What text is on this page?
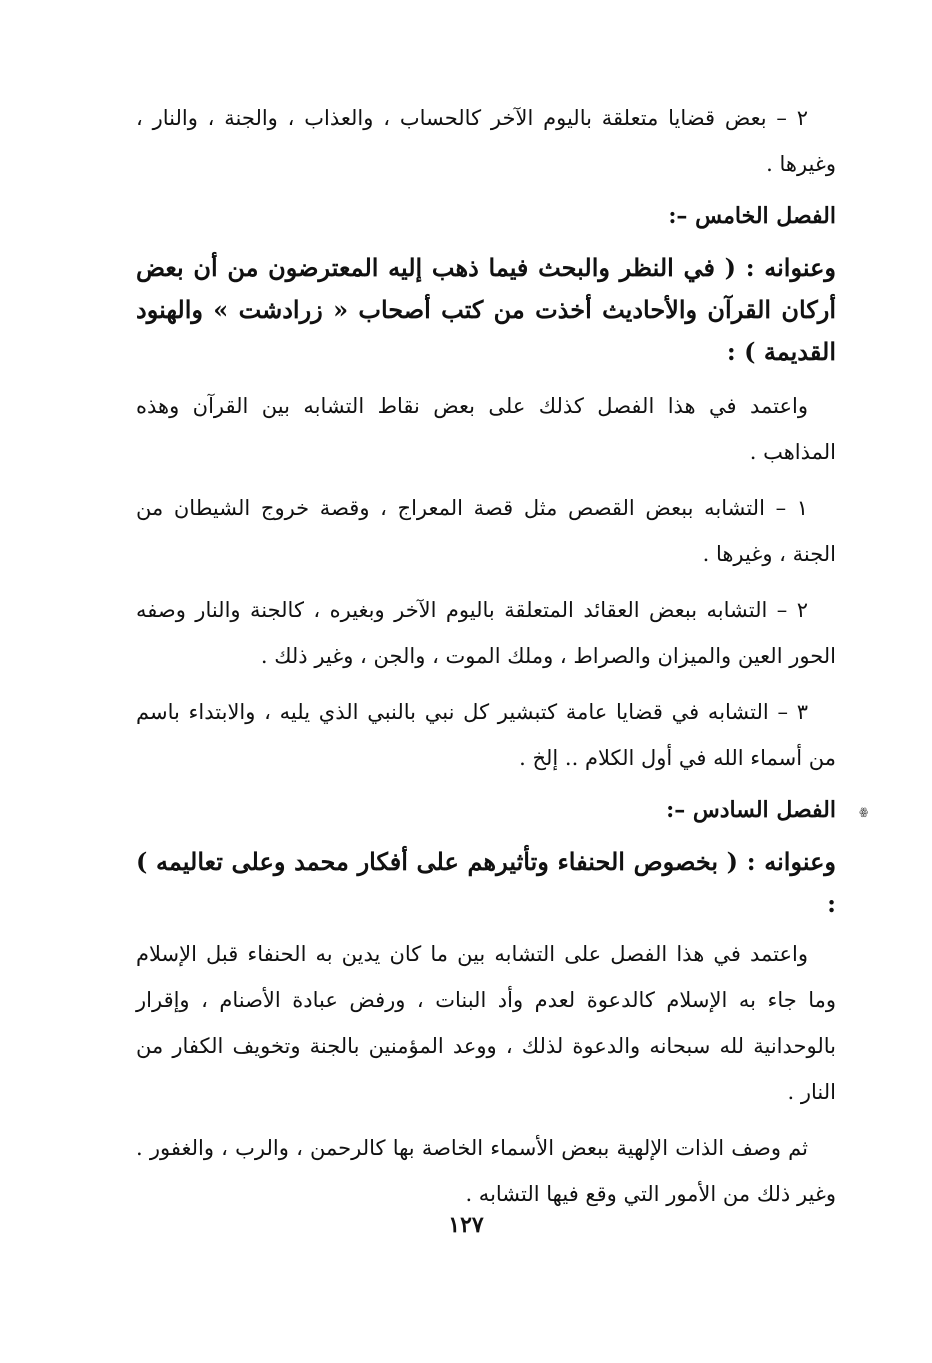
٢ – بعض قضايا متعلقة باليوم الآخر كالحساب ، والعذاب ، والجنة ، والنار ، وغيرها .

الفصل الخامس –:

وعنوانه : ( في النظر والبحث فيما ذهب إليه المعترضون من أن بعض أركان القرآن والأحاديث أخذت من كتب أصحاب « زرادشت » والهنود القديمة ) :

واعتمد في هذا الفصل كذلك على بعض نقاط التشابه بين القرآن وهذه المذاهب .

١ – التشابه ببعض القصص مثل قصة المعراج ، وقصة خروج الشيطان من الجنة ، وغيرها .

٢ – التشابه ببعض العقائد المتعلقة باليوم الآخر وبغيره ، كالجنة والنار وصفه الحور العين والميزان والصراط ، وملك الموت ، والجن ، وغير ذلك .

٣ – التشابه في قضايا عامة كتبشير كل نبي بالنبي الذي يليه ، والابتداء باسم من أسماء الله في أول الكلام .. إلخ .

الفصل السادس –:

وعنوانه : ( بخصوص الحنفاء وتأثيرهم على أفكار محمد وعلى تعاليمه ) :

واعتمد في هذا الفصل على التشابه بين ما كان يدين به الحنفاء قبل الإسلام وما جاء به الإسلام كالدعوة لعدم وأد البنات ، ورفض عبادة الأصنام ، وإقرار بالوحدانية لله سبحانه والدعوة لذلك ، ووعد المؤمنين بالجنة وتخويف الكفار من النار .

ثم وصف الذات الإلهية ببعض الأسماء الخاصة بها كالرحمن ، والرب ، والغفور . وغير ذلك من الأمور التي وقع فيها التشابه .

ꙮ
١٢٧
